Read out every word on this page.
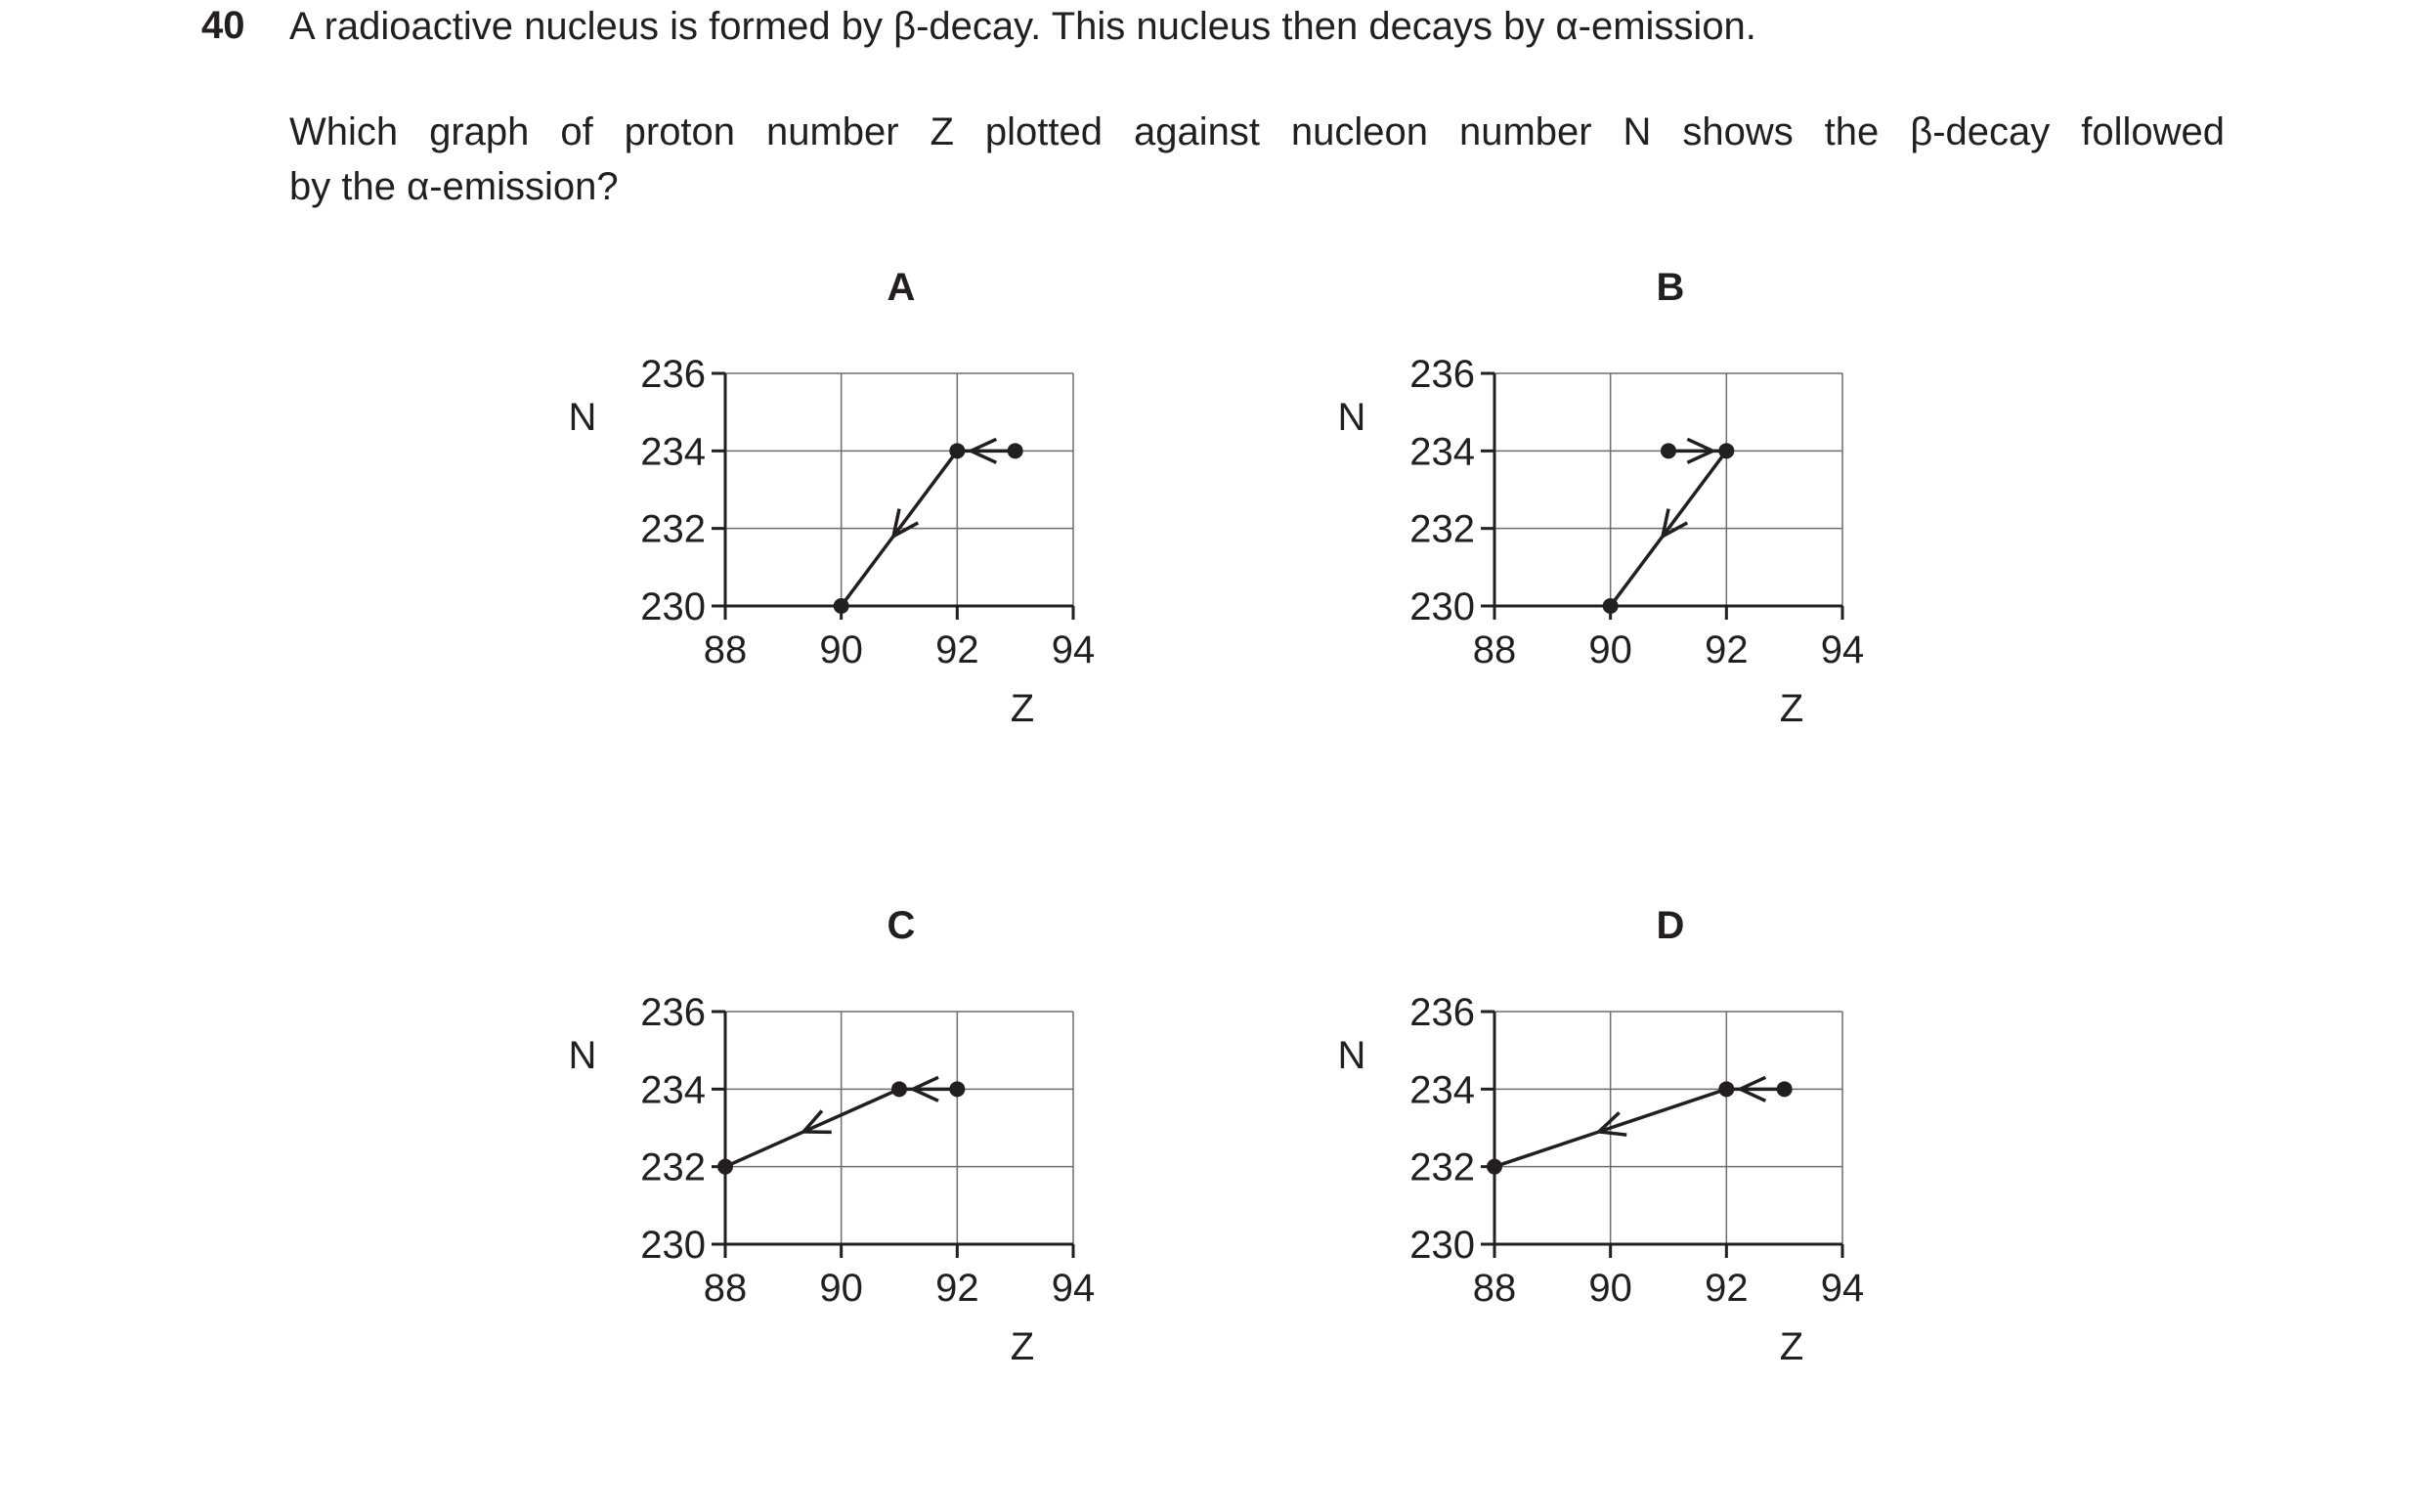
40 A radioactive nucleus is formed by β-decay. This nucleus then decays by α-emission.
Which graph of proton number Z plotted against nucleon number N shows the β-decay followed
by the α-emission?
A
88 90 92 94
230
232
234
236
Z
N
B
88 90 92 94
230
232
234
236
Z
N
C
88 90 92 94
230
232
234
236
Z
N
D
88 90 92 94
230
232
234
236
Z
N
